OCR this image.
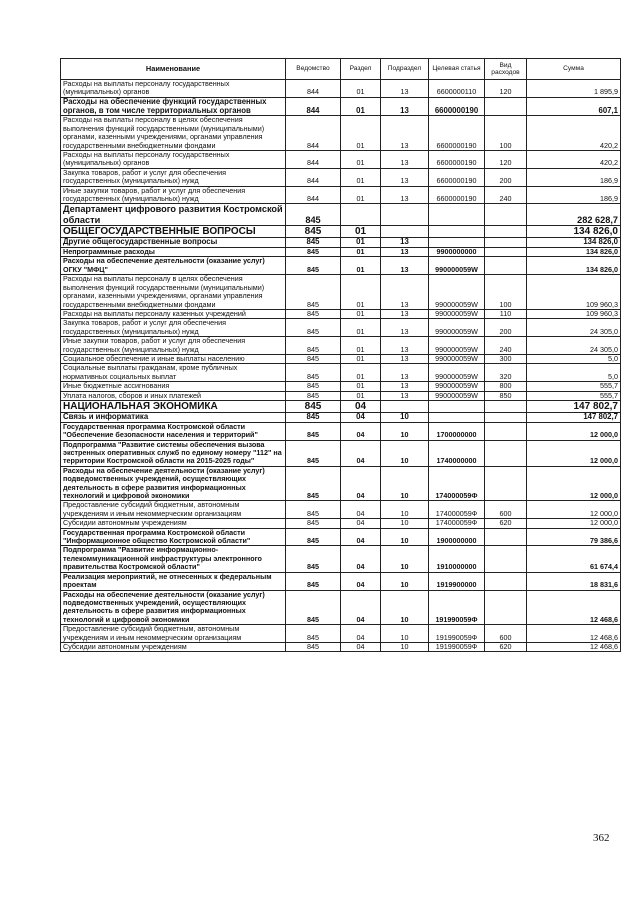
Наименование	Ведомство	Раздел	Подраздел	Целевая статья	Вид расходов	Сумма
Расходы на выплаты персоналу государственных (муниципальных) органов	844	01	13	6600000110	120	1 895,9
Расходы на обеспечение функций государственных органов, в том числе территориальных органов	844	01	13	6600000190		607,1
Расходы на выплаты персоналу в целях обеспечения выполнения функций государственными (муниципальными) органами, казенными учреждениями, органами управления государственными внебюджетными фондами	844	01	13	6600000190	100	420,2
Расходы на выплаты персоналу государственных (муниципальных) органов	844	01	13	6600000190	120	420,2
Закупка товаров, работ и услуг для обеспечения государственных (муниципальных) нужд	844	01	13	6600000190	200	186,9
Иные закупки товаров, работ и услуг для обеспечения государственных (муниципальных) нужд	844	01	13	6600000190	240	186,9
Департамент цифрового развития Костромской области	845					282 628,7
ОБЩЕГОСУДАРСТВЕННЫЕ ВОПРОСЫ	845	01				134 826,0
Другие общегосударственные вопросы	845	01	13			134 826,0
Непрограммные расходы	845	01	13	9900000000		134 826,0
Расходы на обеспечение деятельности (оказание услуг) ОГКУ "МФЦ"	845	01	13	990000059W		134 826,0
Расходы на выплаты персоналу в целях обеспечения выполнения функций государственными (муниципальными) органами, казенными учреждениями, органами управления государственными внебюджетными фондами	845	01	13	990000059W	100	109 960,3
Расходы на выплаты персоналу казенных учреждений	845	01	13	990000059W	110	109 960,3
Закупка товаров, работ и услуг для обеспечения государственных (муниципальных) нужд	845	01	13	990000059W	200	24 305,0
Иные закупки товаров, работ и услуг для обеспечения государственных (муниципальных) нужд	845	01	13	990000059W	240	24 305,0
Социальное обеспечение и иные выплаты населению	845	01	13	990000059W	300	5,0
Социальные выплаты гражданам, кроме публичных нормативных социальных выплат	845	01	13	990000059W	320	5,0
Иные бюджетные ассигнования	845	01	13	990000059W	800	555,7
Уплата налогов, сборов и иных платежей	845	01	13	990000059W	850	555,7
НАЦИОНАЛЬНАЯ ЭКОНОМИКА	845	04				147 802,7
Связь и информатика	845	04	10			147 802,7
Государственная программа Костромской области "Обеспечение безопасности населения и территорий"	845	04	10	1700000000		12 000,0
Подпрограмма "Развитие системы обеспечения вызова экстренных оперативных служб по единому номеру "112" на территории Костромской области на 2015-2025 годы"	845	04	10	1740000000		12 000,0
Расходы на обеспечение деятельности (оказание услуг) подведомственных учреждений, осуществляющих деятельность в сфере развития информационных технологий и цифровой экономики	845	04	10	174000059Ф		12 000,0
Предоставление субсидий бюджетным, автономным учреждениям и иным некоммерческим организациям	845	04	10	174000059Ф	600	12 000,0
Субсидии автономным учреждениям	845	04	10	174000059Ф	620	12 000,0
Государственная программа Костромской области "Информационное общество Костромской области"	845	04	10	1900000000		79 386,6
Подпрограмма "Развитие информационно-телекоммуникационной инфраструктуры электронного правительства Костромской области"	845	04	10	1910000000		61 674,4
Реализация мероприятий, не отнесенных к федеральным проектам	845	04	10	1919900000		18 831,6
Расходы на обеспечение деятельности (оказание услуг) подведомственных учреждений, осуществляющих деятельность в сфере развития информационных технологий и цифровой экономики	845	04	10	191990059Ф		12 468,6
Предоставление субсидий бюджетным, автономным учреждениям и иным некоммерческим организациям	845	04	10	191990059Ф	600	12 468,6
Субсидии автономным учреждениям	845	04	10	191990059Ф	620	12 468,6
362
